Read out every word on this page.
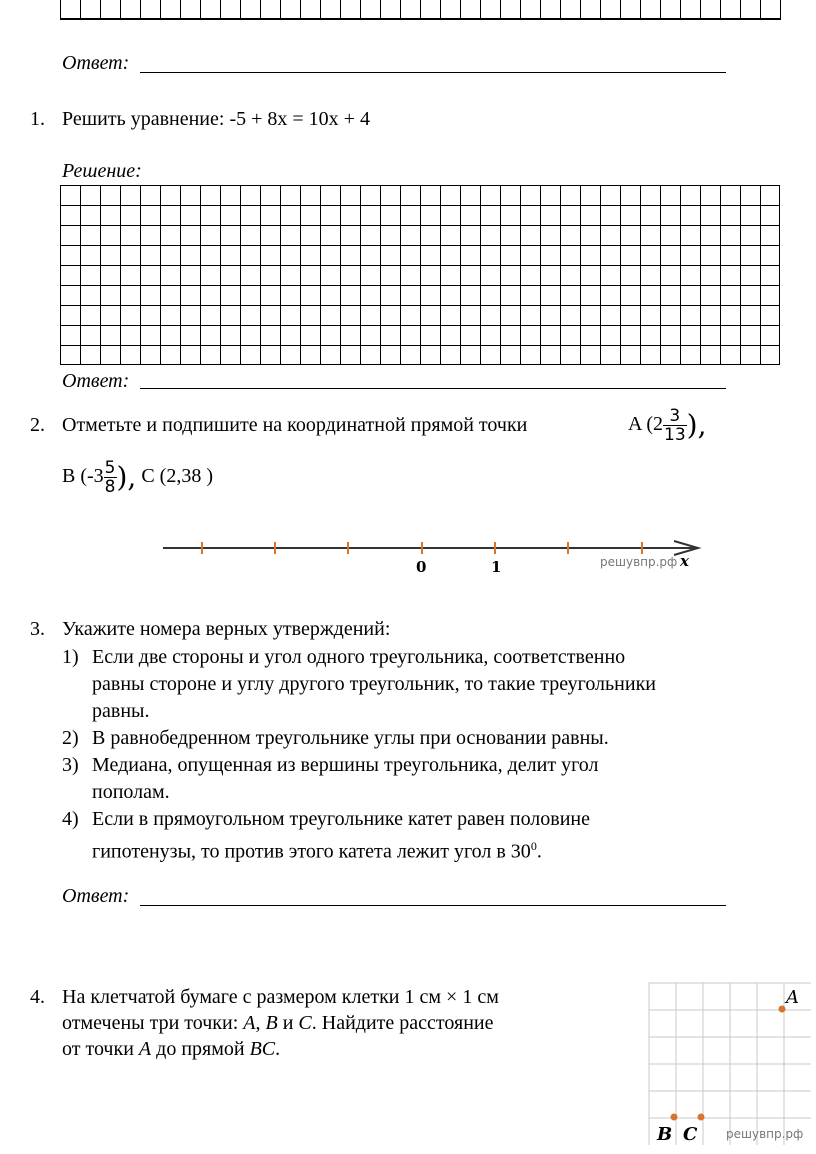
Ответ:
1. Решить уравнение: -5 + 8x = 10x + 4
Решение:
Ответ:
2. Отметьте и подпишите на координатной прямой точки	A ($2 \frac{3}{13}$ ),
B ($-3 \frac{5}{8}$ ), C (2,38 )
0	1	решувпр.рф x
3. Укажите номера верных утверждений:
1) Если две стороны и угол одного треугольника, соответственно
равны стороне и углу другого треугольник, то такие треугольники
равны.
2) В равнобедренном треугольнике углы при основании равны.
3) Медиана, опущенная из вершины треугольника, делит угол
пополам.
4) Если в прямоугольном треугольнике катет равен половине
гипотенузы, то против этого катета лежит угол в $30^0$.
Ответ:
4. На клетчатой бумаге с размером клетки 1 см × 1 см
отмечены три точки: A, B и C. Найдите расстояние
от точки A до прямой BC.
A
B C решувпр.рф
